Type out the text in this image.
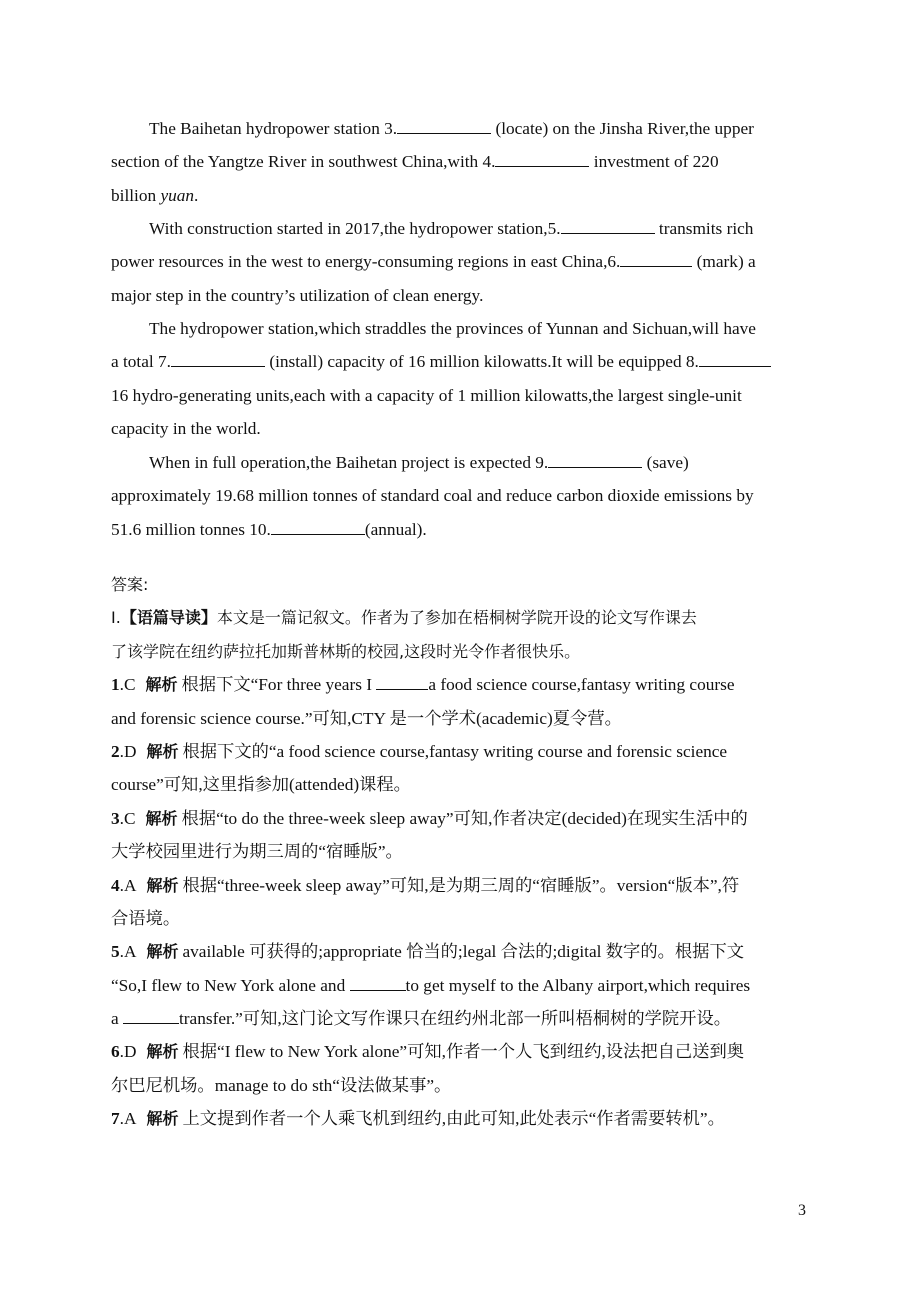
The Baihetan hydropower station 3.	(locate) on the Jinsha River,the upper
section of the Yangtze River in southwest China,with 4.	investment of 220
billion yuan.
With construction started in 2017,the hydropower station,5.	transmits rich
power resources in the west to energy-consuming regions in east China,6.	(mark) a
major step in the country’s utilization of clean energy.
The hydropower station,which straddles the provinces of Yunnan and Sichuan,will have
a total 7.	(install) capacity of 16 million kilowatts.It will be equipped 8.
16 hydro-generating units,each with a capacity of 1 million kilowatts,the largest single-unit
capacity in the world.
When in full operation,the Baihetan project is expected 9.	(save)
approximately 19.68 million tonnes of standard coal and reduce carbon dioxide emissions by
51.6 million tonnes 10.	(annual).
答案:
Ⅰ.【语篇导读】本文是一篇记叙文。作者为了参加在梧桐树学院开设的论文写作课去
了该学院在纽约萨拉托加斯普林斯的校园,这段时光令作者很快乐。
1.C 解析 根据下文“For three years I	a food science course,fantasy writing course
and forensic science course.”可知,CTY 是一个学术(academic)夏令营。
2.D 解析 根据下文的“a food science course,fantasy writing course and forensic science
course”可知,这里指参加(attended)课程。
3.C 解析 根据“to do the three-week sleep away”可知,作者决定(decided)在现实生活中的
大学校园里进行为期三周的“宿睡版”。
4.A 解析 根据“three-week sleep away”可知,是为期三周的“宿睡版”。version“版本”,符
合语境。
5.A 解析 available 可获得的;appropriate 恰当的;legal 合法的;digital 数字的。根据下文
“So,I flew to New York alone and	to get myself to the Albany airport,which requires
a	transfer.”可知,这门论文写作课只在纽约州北部一所叫梧桐树的学院开设。
6.D 解析 根据“I flew to New York alone”可知,作者一个人飞到纽约,设法把自己送到奥
尔巴尼机场。manage to do sth“设法做某事”。
7.A 解析 上文提到作者一个人乘飞机到纽约,由此可知,此处表示“作者需要转机”。
3
